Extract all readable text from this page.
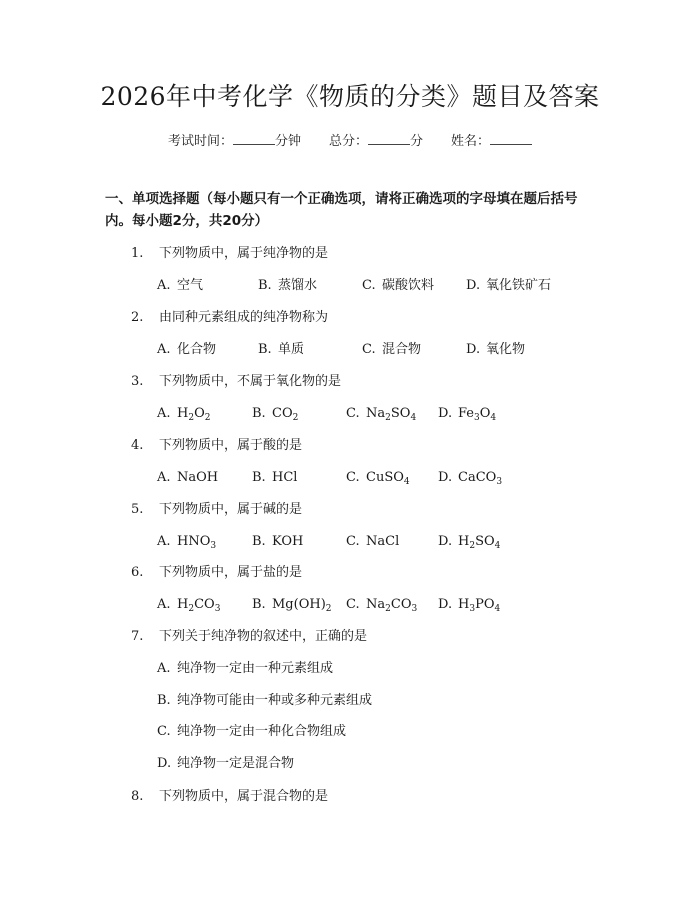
2026年中考化学《物质的分类》题目及答案
考试时间：	分钟 总分：	分 姓名：
一、单项选择题（每小题只有一个正确选项，请将正确选项的字母填在题后括号内。每小题2分，共20分）
1. 下列物质中，属于纯净物的是
A. 空气	B. 蒸馏水	C. 碳酸饮料 D. 氧化铁矿石
2. 由同种元素组成的纯净物称为
A. 化合物	B. 单质	C. 混合物	D. 氧化物
3. 下列物质中，不属于氧化物的是
A. $H_2O_2$	B. $CO_2$	C. $Na_2SO_4$ D. $Fe_3O_4$
4. 下列物质中，属于酸的是
A. NaOH	B. HCl	C. CuSO$_4$ D. CaCO$_3$
5. 下列物质中，属于碱的是
A. $HNO_3$	B. KOH	C. NaCl	D. $H_2SO_4$
6. 下列物质中，属于盐的是
A. $H_2CO_3$ B. $Mg(OH)_2$ C. $Na_2CO_3$ D. $H_3PO_4$
7. 下列关于纯净物的叙述中，正确的是
A. 纯净物一定由一种元素组成
B. 纯净物可能由一种或多种元素组成
C. 纯净物一定由一种化合物组成
D. 纯净物一定是混合物
8. 下列物质中，属于混合物的是
